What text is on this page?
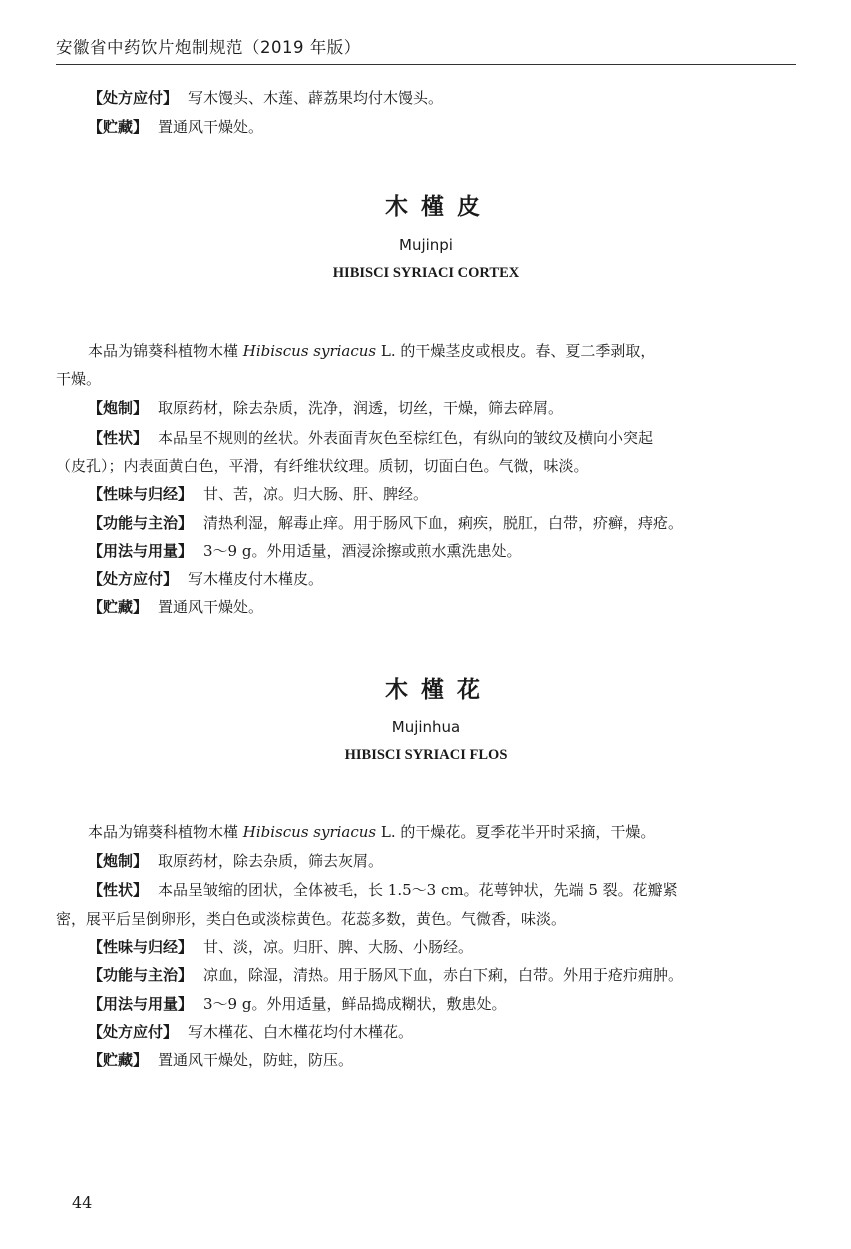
安徽省中药饮片炮制规范（2019 年版）
【处方应付】 写木馒头、木莲、薜荔果均付木馒头。
【贮藏】 置通风干燥处。
木槿皮
Mujinpi
HIBISCI SYRIACI CORTEX
本品为锦葵科植物木槿 Hibiscus syriacus L. 的干燥茎皮或根皮。春、夏二季剥取，
干燥。
【炮制】 取原药材，除去杂质，洗净，润透，切丝，干燥，筛去碎屑。
【性状】 本品呈不规则的丝状。外表面青灰色至棕红色，有纵向的皱纹及横向小突起
（皮孔）；内表面黄白色，平滑，有纤维状纹理。质韧，切面白色。气微，味淡。
【性味与归经】 甘、苦，凉。归大肠、肝、脾经。
【功能与主治】 清热利湿，解毒止痒。用于肠风下血，痢疾，脱肛，白带，疥癣，痔疮。
【用法与用量】 3～9 g。外用适量，酒浸涂擦或煎水熏洗患处。
【处方应付】 写木槿皮付木槿皮。
【贮藏】 置通风干燥处。
木槿花
Mujinhua
HIBISCI SYRIACI FLOS
本品为锦葵科植物木槿 Hibiscus syriacus L. 的干燥花。夏季花半开时采摘，干燥。
【炮制】 取原药材，除去杂质，筛去灰屑。
【性状】 本品呈皱缩的团状，全体被毛，长 1.5～3 cm。花萼钟状，先端 5 裂。花瓣紧
密，展平后呈倒卵形，类白色或淡棕黄色。花蕊多数，黄色。气微香，味淡。
【性味与归经】 甘、淡，凉。归肝、脾、大肠、小肠经。
【功能与主治】 凉血，除湿，清热。用于肠风下血，赤白下痢，白带。外用于疮疖痈肿。
【用法与用量】 3～9 g。外用适量，鲜品捣成糊状，敷患处。
【处方应付】 写木槿花、白木槿花均付木槿花。
【贮藏】 置通风干燥处，防蛀，防压。
44
